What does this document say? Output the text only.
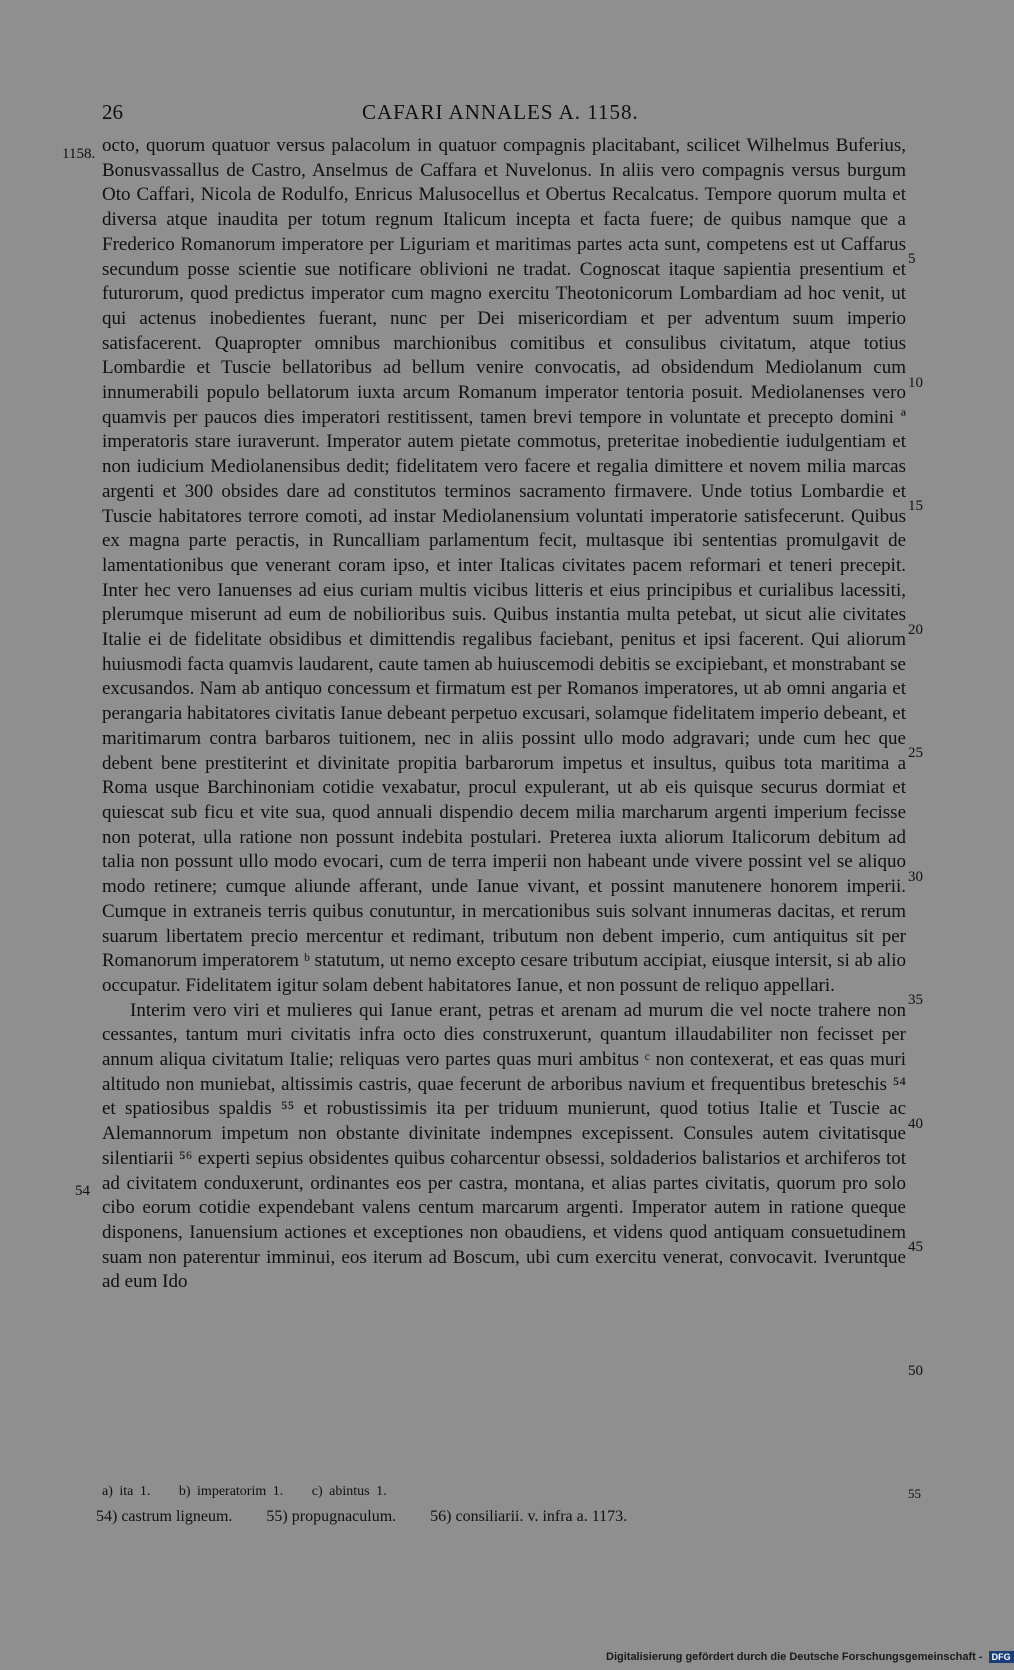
26	CAFARI ANNALES A. 1158.
1158.
54
5
10
15
20
25
30
35
40
45
50
55

octo, quorum quatuor versus palacolum in quatuor compagnis placitabant, scilicet Wilhelmus Buferius, Bonusvassallus de Castro, Anselmus de Caffara et Nuvelonus. In aliis vero compagnis versus burgum Oto Caffari, Nicola de Rodulfo, Enricus Malusocellus et Obertus Recalcatus. Tempore quorum multa et diversa atque inaudita per totum regnum Italicum incepta et facta fuere; de quibus namque que a Frederico Romanorum imperatore per Liguriam et maritimas partes acta sunt, competens est ut Caffarus secundum posse scientie sue notificare oblivioni ne tradat. Cognoscat itaque sapientia presentium et futurorum, quod predictus imperator cum magno exercitu Theotonicorum Lombardiam ad hoc venit, ut qui actenus inobedientes fuerant, nunc per Dei misericordiam et per adventum suum imperio satisfacerent. Quapropter omnibus marchionibus comitibus et consulibus civitatum, atque totius Lombardie et Tuscie bellatoribus ad bellum venire convocatis, ad obsidendum Mediolanum cum innumerabili populo bellatorum iuxta arcum Romanum imperator tentoria posuit. Mediolanenses vero quamvis per paucos dies imperatori restitissent, tamen brevi tempore in voluntate et precepto domini ª imperatoris stare iuraverunt. Imperator autem pietate commotus, preteritae inobedientie iudulgentiam et non iudicium Mediolanensibus dedit; fidelitatem vero facere et regalia dimittere et novem milia marcas argenti et 300 obsides dare ad constitutos terminos sacramento firmavere. Unde totius Lombardie et Tuscie habitatores terrore comoti, ad instar Mediolanensium voluntati imperatorie satisfecerunt. Quibus ex magna parte peractis, in Runcalliam parlamentum fecit, multasque ibi sententias promulgavit de lamentationibus que venerant coram ipso, et inter Italicas civitates pacem reformari et teneri precepit. Inter hec vero Ianuenses ad eius curiam multis vicibus litteris et eius principibus et curialibus lacessiti, plerumque miserunt ad eum de nobilioribus suis. Quibus instantia multa petebat, ut sicut alie civitates Italie ei de fidelitate obsidibus et dimittendis regalibus faciebant, penitus et ipsi facerent. Qui aliorum huiusmodi facta quamvis laudarent, caute tamen ab huiuscemodi debitis se excipiebant, et monstrabant se excusandos. Nam ab antiquo concessum et firmatum est per Romanos imperatores, ut ab omni angaria et perangaria habitatores civitatis Ianue debeant perpetuo excusari, solamque fidelitatem imperio debeant, et maritimarum contra barbaros tuitionem, nec in aliis possint ullo modo adgravari; unde cum hec que debent bene prestiterint et divinitate propitia barbarorum impetus et insultus, quibus tota maritima a Roma usque Barchinoniam cotidie vexabatur, procul expulerant, ut ab eis quisque securus dormiat et quiescat sub ficu et vite sua, quod annuali dispendio decem milia marcharum argenti imperium fecisse non poterat, ulla ratione non possunt indebita postulari. Preterea iuxta aliorum Italicorum debitum ad talia non possunt ullo modo evocari, cum de terra imperii non habeant unde vivere possint vel se aliquo modo retinere; cumque aliunde afferant, unde Ianue vivant, et possint manutenere honorem imperii. Cumque in extraneis terris quibus conutuntur, in mercationibus suis solvant innumeras dacitas, et rerum suarum libertatem precio mercentur et redimant, tributum non debent imperio, cum antiquitus sit per Romanorum imperatorem ᵇ statutum, ut nemo excepto cesare tributum accipiat, eiusque intersit, si ab alio occupatur. Fidelitatem igitur solam debent habitatores Ianue, et non possunt de reliquo appellari.

Interim vero viri et mulieres qui Ianue erant, petras et arenam ad murum die vel nocte trahere non cessantes, tantum muri civitatis infra octo dies construxerunt, quantum illaudabiliter non fecisset per annum aliqua civitatum Italie; reliquas vero partes quas muri ambitus ᶜ non contexerat, et eas quas muri altitudo non muniebat, altissimis castris, quae fecerunt de arboribus navium et frequentibus breteschis ⁵⁴ et spatiosibus spaldis ⁵⁵ et robustissimis ita per triduum munierunt, quod totius Italie et Tuscie ac Alemannorum impetum non obstante divinitate indempnes excepissent. Consules autem civitatisque silentiarii ⁵⁶ experti sepius obsidentes quibus coharcentur obsessi, soldaderios balistarios et archiferos tot ad civitatem conduxerunt, ordinantes eos per castra, montana, et alias partes civitatis, quorum pro solo cibo eorum cotidie expendebant valens centum marcarum argenti. Imperator autem in ratione queque disponens, Ianuensium actiones et exceptiones non obaudiens, et videns quod antiquam consuetudinem suam non paterentur imminui, eos iterum ad Boscum, ubi cum exercitu venerat, convocavit. Iveruntque ad eum Ido

a) ita 1. b) imperatorim 1. c) abintus 1.
54) castrum ligneum. 55) propugnaculum. 56) consiliarii. v. infra a. 1173.
Digitalisierung gefördert durch die Deutsche Forschungsgemeinschaft - DFG
